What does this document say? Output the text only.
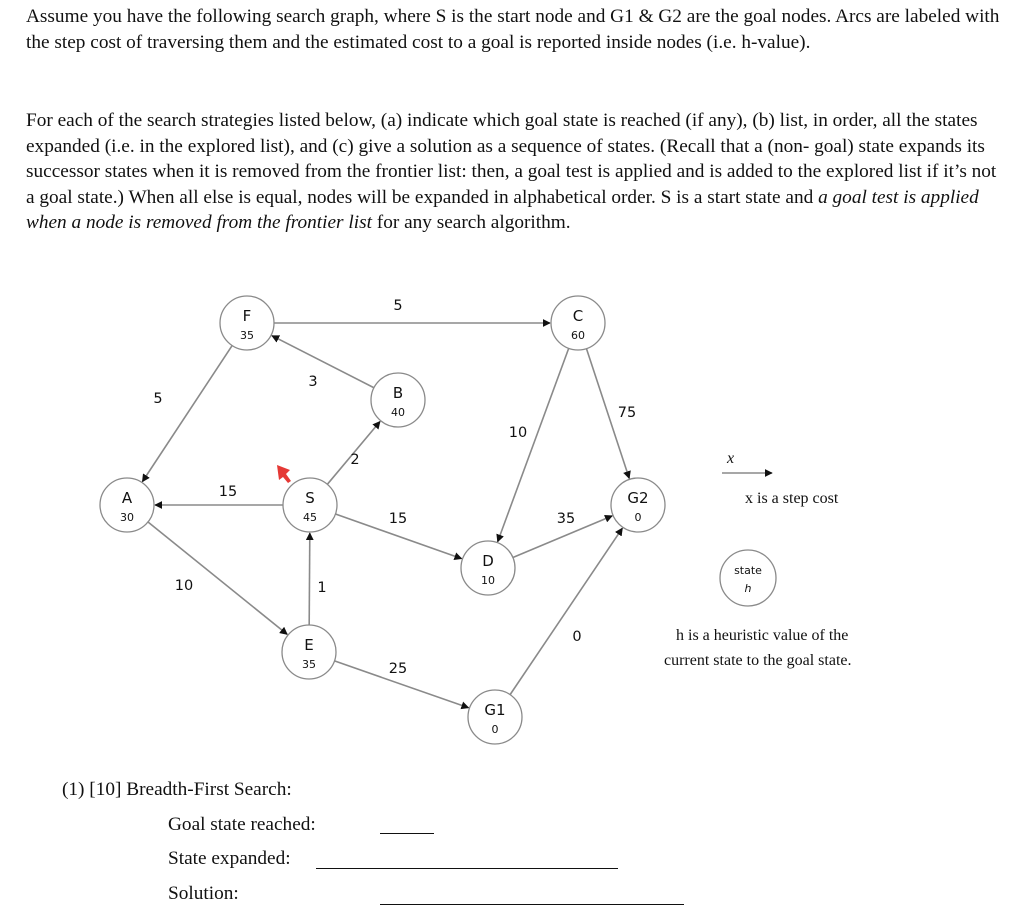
Assume you have the following search graph, where S is the start node and G1 & G2 are the goal nodes. Arcs are labeled with the step cost of traversing them and the estimated cost to a goal is reported inside nodes (i.e. h-value).

For each of the search strategies listed below, (a) indicate which goal state is reached (if any), (b) list, in order, all the states expanded (i.e. in the explored list), and (c) give a solution as a sequence of states. (Recall that a (non- goal) state expands its successor states when it is removed from the frontier list: then, a goal test is applied and is added to the explored list if it’s not a goal state.) When all else is equal, nodes will be expanded in alphabetical order. S is a start state and a goal test is applied when a node is removed from the frontier list for any search algorithm.

5
5
3
2
15
15
1
10
10
75
35
25
0
F
35
C
60
B
40
A
30
S
45
G2
0
D
10
E
35
G1
0
x
x is a step cost
state
h
h is a heuristic value of the
current state to the goal state.

(1) [10] Breadth-First Search:

Goal state reached:

State expanded:

Solution:
